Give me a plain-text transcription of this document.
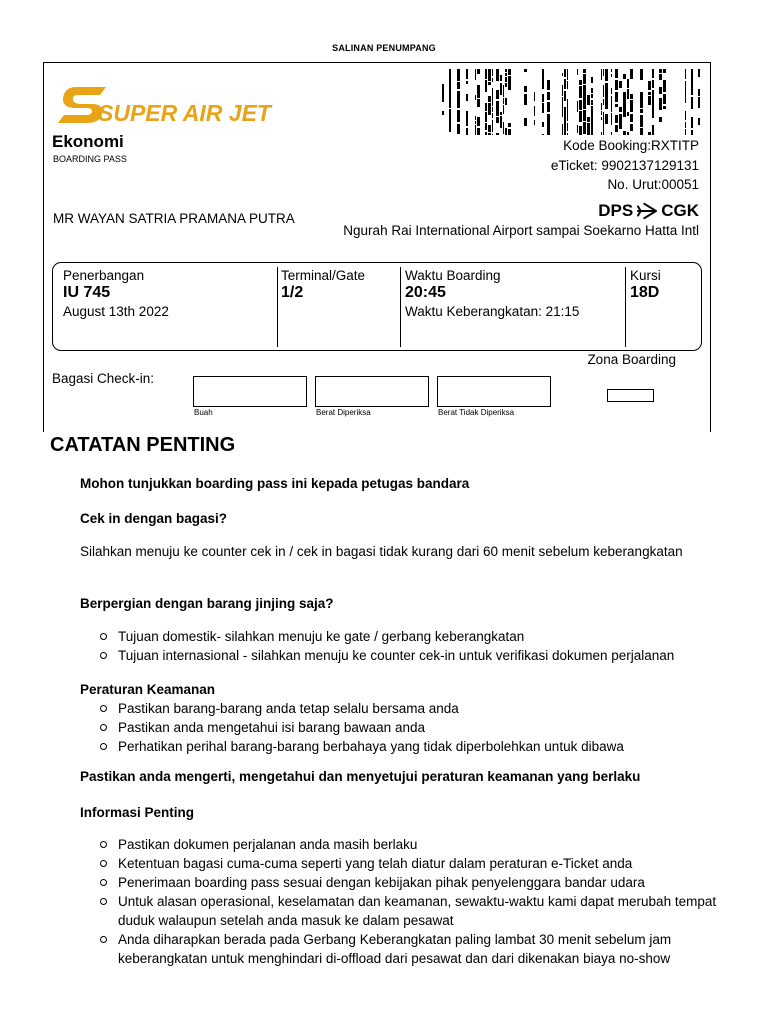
SALINAN PENUMPANG
SUPER AIR JET
Ekonomi
BOARDING PASS
Kode Booking:RXTITP
eTicket: 9902137129131
No. Urut:00051
MR WAYAN SATRIA PRAMANA PUTRA	DPS CGK
Ngurah Rai International Airport sampai Soekarno Hatta Intl
Penerbangan
IU 745
August 13th 2022
Terminal/Gate
1/2
Waktu Boarding
20:45
Waktu Keberangkatan: 21:15
Kursi
18D
Zona Boarding
Bagasi Check-in:
Buah	Berat Diperiksa	Berat Tidak Diperiksa
CATATAN PENTING
Mohon tunjukkan boarding pass ini kepada petugas bandara
Cek in dengan bagasi?
Silahkan menuju ke counter cek in / cek in bagasi tidak kurang dari 60 menit sebelum keberangkatan
Berpergian dengan barang jinjing saja?
Tujuan domestik- silahkan menuju ke gate / gerbang keberangkatan
Tujuan internasional - silahkan menuju ke counter cek-in untuk verifikasi dokumen perjalanan
Peraturan Keamanan
Pastikan barang-barang anda tetap selalu bersama anda
Pastikan anda mengetahui isi barang bawaan anda
Perhatikan perihal barang-barang berbahaya yang tidak diperbolehkan untuk dibawa
Pastikan anda mengerti, mengetahui dan menyetujui peraturan keamanan yang berlaku
Informasi Penting
Pastikan dokumen perjalanan anda masih berlaku
Ketentuan bagasi cuma-cuma seperti yang telah diatur dalam peraturan e-Ticket anda
Penerimaan boarding pass sesuai dengan kebijakan pihak penyelenggara bandar udara
Untuk alasan operasional, keselamatan dan keamanan, sewaktu-waktu kami dapat merubah tempat duduk walaupun setelah anda masuk ke dalam pesawat
Anda diharapkan berada pada Gerbang Keberangkatan paling lambat 30 menit sebelum jam keberangkatan untuk menghindari di-offload dari pesawat dan dari dikenakan biaya no-show
